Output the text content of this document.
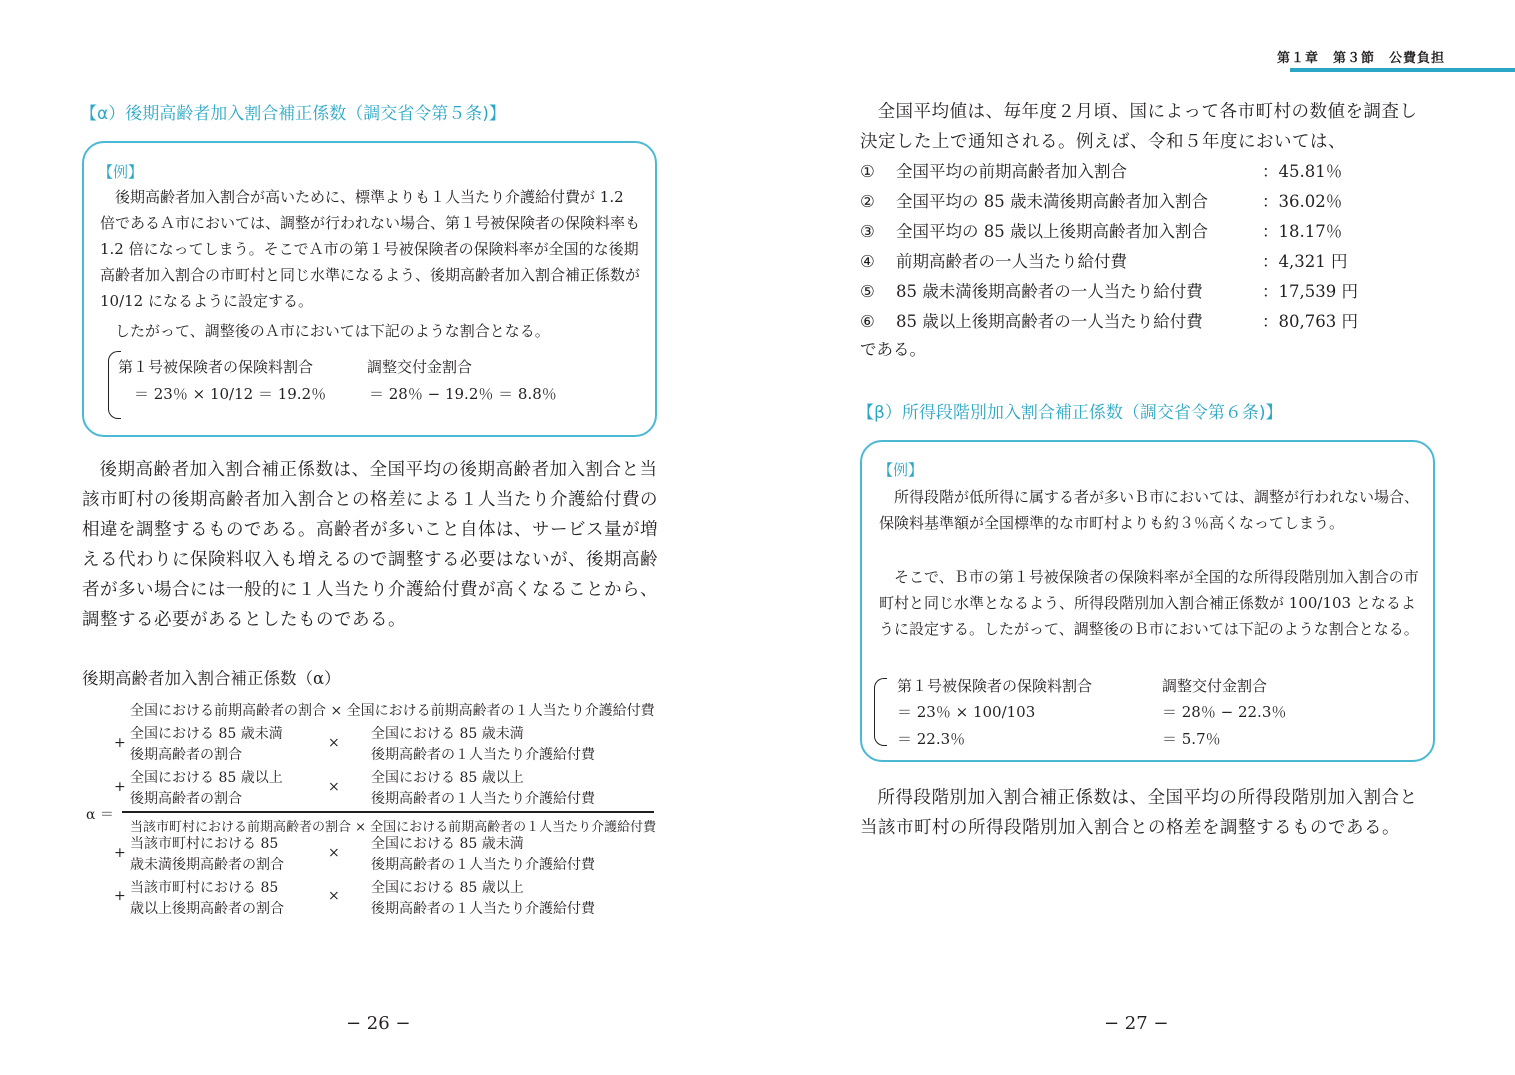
第１章　第３節　公費負担
【α）後期高齢者加入割合補正係数（調交省令第５条)】
【例】
後期高齢者加入割合が高いために、標準よりも１人当たり介護給付費が 1.2 倍であるＡ市においては、調整が行われない場合、第１号被保険者の保険料率も 1.2 倍になってしまう。そこでＡ市の第１号被保険者の保険料率が全国的な後期高齢者加入割合の市町村と同じ水準になるよう、後期高齢者加入割合補正係数が 10/12 になるように設定する。
したがって、調整後のＡ市においては下記のような割合となる。
第１号被保険者の保険料割合
＝ 23％ × 10/12 ＝ 19.2％
調整交付金割合
＝ 28％ − 19.2％ ＝ 8.8％
後期高齢者加入割合補正係数は、全国平均の後期高齢者加入割合と当該市町村の後期高齢者加入割合との格差による１人当たり介護給付費の相違を調整するものである。高齢者が多いこと自体は、サービス量が増える代わりに保険料収入も増えるので調整する必要はないが、後期高齢者が多い場合には一般的に１人当たり介護給付費が高くなることから、調整する必要があるとしたものである。
後期高齢者加入割合補正係数（α）
α ＝
全国における前期高齢者の割合 × 全国における前期高齢者の１人当たり介護給付費
+
全国における 85 歳未満
後期高齢者の割合
×
全国における 85 歳未満
後期高齢者の１人当たり介護給付費
+
全国における 85 歳以上
後期高齢者の割合
×
全国における 85 歳以上
後期高齢者の１人当たり介護給付費
当該市町村における前期高齢者の割合 × 全国における前期高齢者の１人当たり介護給付費
+
当該市町村における 85
歳未満後期高齢者の割合
×
全国における 85 歳未満
後期高齢者の１人当たり介護給付費
+ 当該市町村における 85
歳以上後期高齢者の割合
× 全国における 85 歳以上
後期高齢者の１人当たり介護給付費
− 26 −
全国平均値は、毎年度２月頃、国によって各市町村の数値を調査し決定した上で通知される。例えば、令和５年度においては、
① 全国平均の前期高齢者加入割合	：45.81％
② 全国平均の 85 歳未満後期高齢者加入割合	：36.02％
③ 全国平均の 85 歳以上後期高齢者加入割合	：18.17％
④ 前期高齢者の一人当たり給付費	：4,321 円
⑤ 85 歳未満後期高齢者の一人当たり給付費	：17,539 円
⑥ 85 歳以上後期高齢者の一人当たり給付費	：80,763 円
である。
【β）所得段階別加入割合補正係数（調交省令第６条)】
【例】
所得段階が低所得に属する者が多いＢ市においては、調整が行われない場合、保険料基準額が全国標準的な市町村よりも約３％高くなってしまう。
そこで、Ｂ市の第１号被保険者の保険料率が全国的な所得段階別加入割合の市町村と同じ水準となるよう、所得段階別加入割合補正係数が 100/103 となるように設定する。したがって、調整後のＢ市においては下記のような割合となる。
第１号被保険者の保険料割合
＝ 23％ × 100/103
＝ 22.3％
調整交付金割合
＝ 28％ − 22.3％
＝ 5.7％
所得段階別加入割合補正係数は、全国平均の所得段階別加入割合と当該市町村の所得段階別加入割合との格差を調整するものである。
− 27 −
